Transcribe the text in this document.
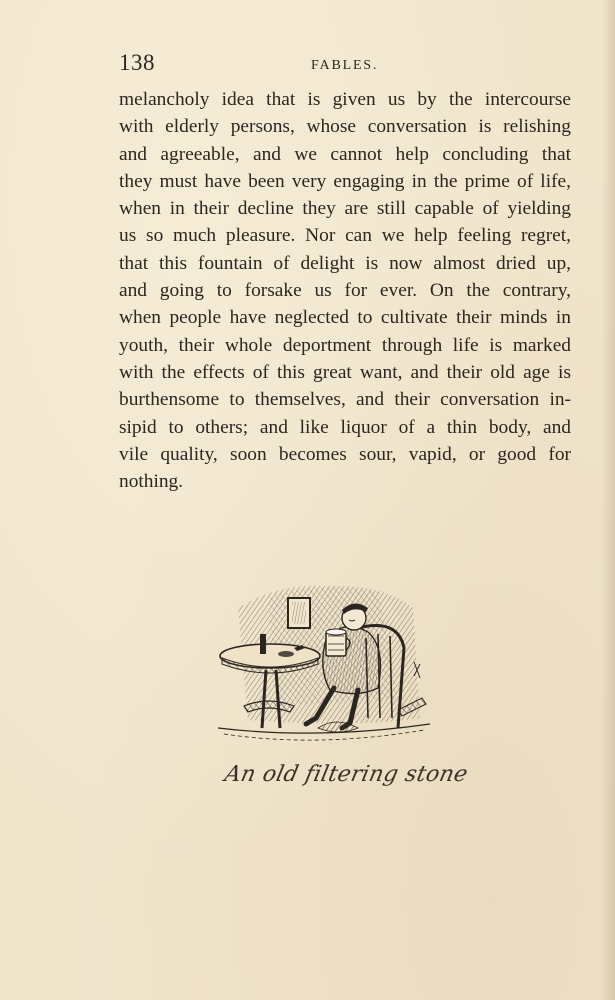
138	FABLES.
melancholy idea that is given us by the intercourse
with elderly persons, whose conversation is relishing
and agreeable, and we cannot help concluding that
they must have been very engaging in the prime of life,
when in their decline they are still capable of yielding
us so much pleasure. Nor can we help feeling regret,
that this fountain of delight is now almost dried up,
and going to forsake us for ever. On the contrary,
when people have neglected to cultivate their minds in
youth, their whole deportment through life is marked
with the effects of this great want, and their old age is
burthensome to themselves, and their conversation in-
sipid to others; and like liquor of a thin body, and
vile quality, soon becomes sour, vapid, or good for
nothing.
An old filtering stone
